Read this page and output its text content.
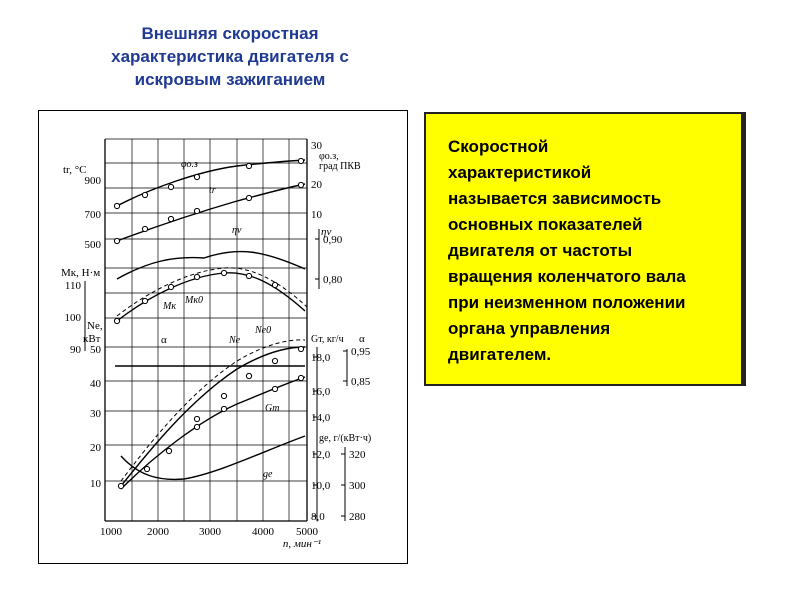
Внешняя скоростная
характеристика двигателя с
искровым зажиганием
tr, °C
900
700
500
Мк, Н·м
110
100
90
Ne,
кВт
50
40
30
20
10
1000 2000	3000	4000 5000
n, мин⁻¹
30
φо.з,
град ПКВ
20
10
ηv
0,90
0,80
Gт, кг/ч α
18,0
16,0
14,0
12,0
10,0
8,0
0,95
0,85
ge, г/(кВт·ч)
320
300
280
φо.з
tr
ηv
Мк
Мк0
α	Ne
Ne0
Gт
ge
Скоростной
характеристикой
называется зависимость
основных показателей
двигателя от частоты
вращения коленчатого вала
при неизменном положении
органа управления
двигателем.
